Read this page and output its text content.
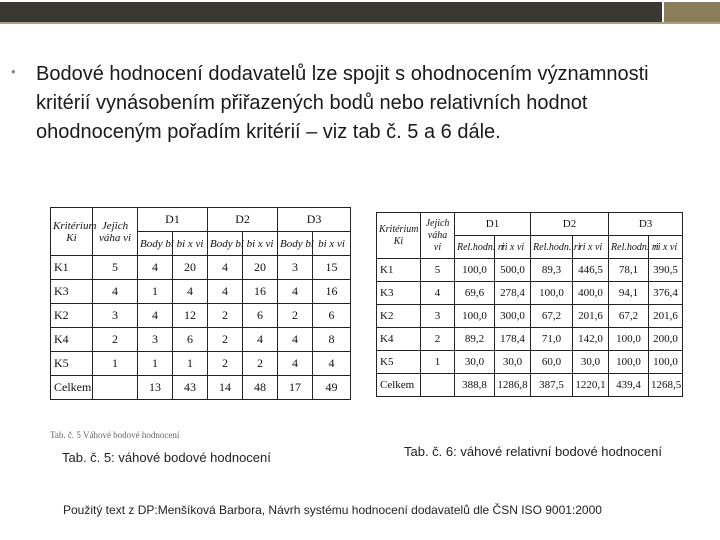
• Bodové hodnocení dodavatelů lze spojit s ohodnocením významnosti kritérií vynásobením přiřazených bodů nebo relativních hodnot ohodnoceným pořadím kritérií – viz tab č. 5 a 6 dále.
Kritérium Ki	Jejich váha vi	D1		D2		D3	
		Body bi	bi x vi	Body bi	bi x vi	Body bi	bi x vi
K1	5	4	20	4	20	3	15
K3	4	1	4	4	16	4	16
K2	3	4	12	2	6	2	6
K4	2	3	6	2	4	4	8
K5	1	1	1	2	2	4	4
Celkem		13	43	14	48	17	49
Tab. č. 5 Váhové bodové hodnocení
Kritérium Ki	Jejich váha vi	D1		D2		D3	
		Rel.hodn. ri	ri x vi	Rel.hodn. ri	ri x vi	Rel.hodn. ri	ri x vi
K1	5	100,0	500,0	89,3	446,5	78,1	390,5
K3	4	69,6	278,4	100,0	400,0	94,1	376,4
K2	3	100,0	300,0	67,2	201,6	67,2	201,6
K4	2	89,2	178,4	71,0	142,0	100,0	200,0
K5	1	30,0	30,0	60,0	30,0	100,0	100,0
Celkem		388,8	1286,8	387,5	1220,1	439,4	1268,5
Tab. č. 5: váhové bodové hodnocení	Tab. č. 6: váhové relativní bodové hodnocení
Použitý text z DP:Menšíková Barbora, Návrh systému hodnocení dodavatelů dle ČSN ISO 9001:2000
